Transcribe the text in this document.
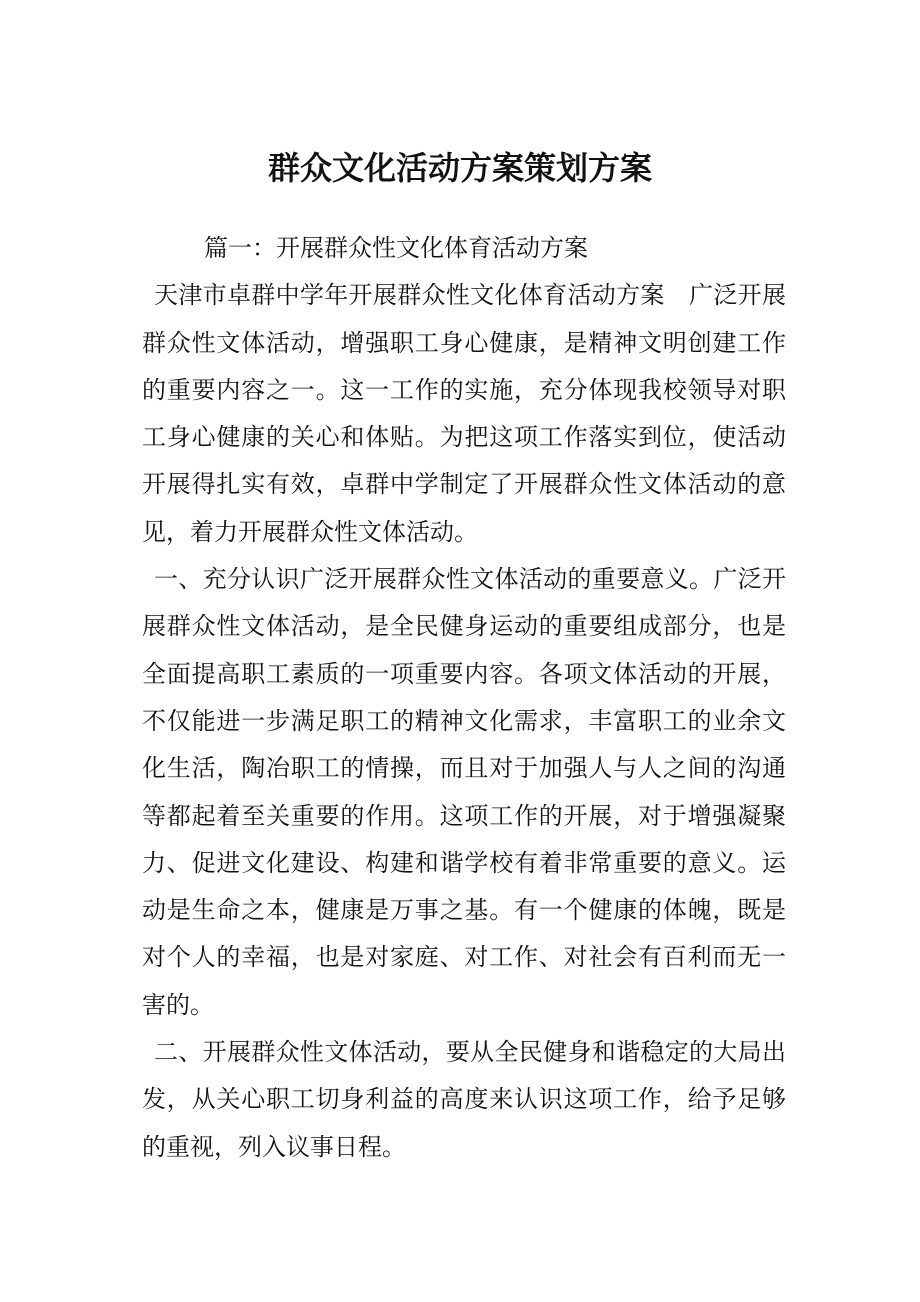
群众文化活动方案策划方案

篇一：开展群众性文化体育活动方案

天津市卓群中学年开展群众性文化体育活动方案　广泛开展群众性文体活动，增强职工身心健康，是精神文明创建工作的重要内容之一。这一工作的实施，充分体现我校领导对职工身心健康的关心和体贴。为把这项工作落实到位，使活动开展得扎实有效，卓群中学制定了开展群众性文体活动的意见，着力开展群众性文体活动。

一、充分认识广泛开展群众性文体活动的重要意义。广泛开展群众性文体活动，是全民健身运动的重要组成部分，也是全面提高职工素质的一项重要内容。各项文体活动的开展，不仅能进一步满足职工的精神文化需求，丰富职工的业余文化生活，陶冶职工的情操，而且对于加强人与人之间的沟通等都起着至关重要的作用。这项工作的开展，对于增强凝聚力、促进文化建设、构建和谐学校有着非常重要的意义。运动是生命之本，健康是万事之基。有一个健康的体魄，既是对个人的幸福，也是对家庭、对工作、对社会有百利而无一害的。

二、开展群众性文体活动，要从全民健身和谐稳定的大局出发，从关心职工切身利益的高度来认识这项工作，给予足够的重视，列入议事日程。
